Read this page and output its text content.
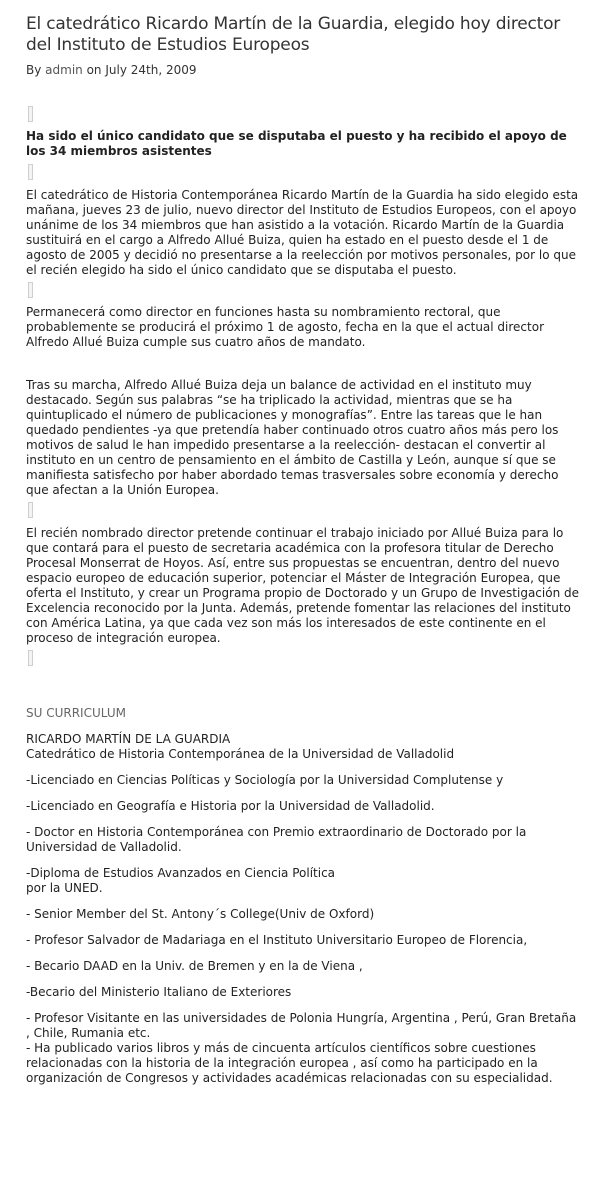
El catedrático Ricardo Martín de la Guardia, elegido hoy director del Instituto de Estudios Europeos

By admin on July 24th, 2009

Ha sido el único candidato que se disputaba el puesto y ha recibido el apoyo de los 34 miembros asistentes

El catedrático de Historia Contemporánea Ricardo Martín de la Guardia ha sido elegido esta mañana, jueves 23 de julio, nuevo director del Instituto de Estudios Europeos, con el apoyo unánime de los 34 miembros que han asistido a la votación. Ricardo Martín de la Guardia sustituirá en el cargo a Alfredo Allué Buiza, quien ha estado en el puesto desde el 1 de agosto de 2005 y decidió no presentarse a la reelección por motivos personales, por lo que el recién elegido ha sido el único candidato que se disputaba el puesto.

Permanecerá como director en funciones hasta su nombramiento rectoral, que probablemente se producirá el próximo 1 de agosto, fecha en la que el actual director Alfredo Allué Buiza cumple sus cuatro años de mandato.

Tras su marcha, Alfredo Allué Buiza deja un balance de actividad en el instituto muy destacado. Según sus palabras “se ha triplicado la actividad, mientras que se ha quintuplicado el número de publicaciones y monografías”. Entre las tareas que le han quedado pendientes -ya que pretendía haber continuado otros cuatro años más pero los motivos de salud le han impedido presentarse a la reelección- destacan el convertir al instituto en un centro de pensamiento en el ámbito de Castilla y León, aunque sí que se manifiesta satisfecho por haber abordado temas trasversales sobre economía y derecho que afectan a la Unión Europea.

El recién nombrado director pretende continuar el trabajo iniciado por Allué Buiza para lo que contará para el puesto de secretaria académica con la profesora titular de Derecho Procesal Monserrat de Hoyos. Así, entre sus propuestas se encuentran, dentro del nuevo espacio europeo de educación superior, potenciar el Máster de Integración Europea, que oferta el Instituto, y crear un Programa propio de Doctorado y un Grupo de Investigación de Excelencia reconocido por la Junta. Además, pretende fomentar las relaciones del instituto con América Latina, ya que cada vez son más los interesados de este continente en el proceso de integración europea.

SU CURRICULUM

RICARDO MARTÍN DE LA GUARDIA

Catedrático de Historia Contemporánea de la Universidad de Valladolid

-Licenciado en Ciencias Políticas y Sociología por la Universidad Complutense y

-Licenciado en Geografía e Historia por la Universidad de Valladolid.

- Doctor en Historia Contemporánea con Premio extraordinario de Doctorado por la Universidad de Valladolid.

-Diploma de Estudios Avanzados en Ciencia Política
por la UNED.

- Senior Member del St. Antony´s College(Univ de Oxford)

- Profesor Salvador de Madariaga en el Instituto Universitario Europeo de Florencia,

- Becario DAAD en la Univ. de Bremen y en la de Viena ,

-Becario del Ministerio Italiano de Exteriores

- Profesor Visitante en las universidades de Polonia Hungría, Argentina , Perú, Gran Bretaña , Chile, Rumania etc.
- Ha publicado varios libros y más de cincuenta artículos científicos sobre cuestiones relacionadas con la historia de la integración europea , así como ha participado en la organización de Congresos y actividades académicas relacionadas con su especialidad.
